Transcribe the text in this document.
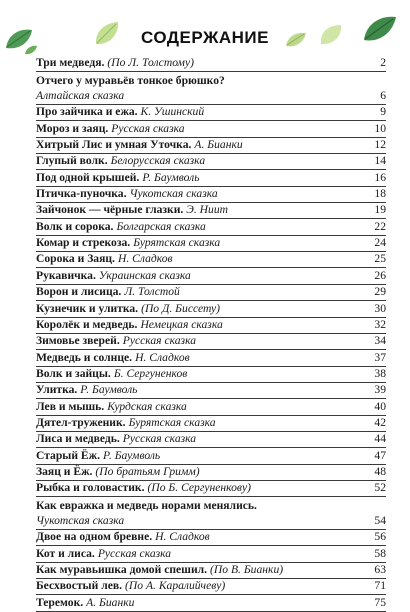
СОДЕРЖАНИЕ
Три медведя. (По Л. Толстому)	2
Отчего у муравьёв тонкое брюшко?
Алтайская сказка	6
Про зайчика и ежа. К. Ушинский	9
Мороз и заяц. Русская сказка	10
Хитрый Лис и умная Уточка. А. Бианки	12
Глупый волк. Белорусская сказка	14
Под одной крышей. Р. Баумволь	16
Птичка-пуночка. Чукотская сказка	18
Зайчонок — чёрные глазки. Э. Ниит	19
Волк и сорока. Болгарская сказка	22
Комар и стрекоза. Бурятская сказка	24
Сорока и Заяц. Н. Сладков	25
Рукавичка. Украинская сказка	26
Ворон и лисица. Л. Толстой	29
Кузнечик и улитка. (По Д. Биссету)	30
Королёк и медведь. Немецкая сказка	32
Зимовье зверей. Русская сказка	34
Медведь и солнце. Н. Сладков	37
Волк и зайцы. Б. Сергуненков	38
Улитка. Р. Баумволь	39
Лев и мышь. Курдская сказка	40
Дятел-труженик. Бурятская сказка	42
Лиса и медведь. Русская сказка	44
Старый Ёж. Р. Баумволь	47
Заяц и Ёж. (По братьям Гримм)	48
Рыбка и головастик. (По Б. Сергуненкову)	52
Как евражка и медведь норами менялись.
Чукотская сказка	54
Двое на одном бревне. Н. Сладков	56
Кот и лиса. Русская сказка	58
Как муравьишка домой спешил. (По В. Бианки)	63
Бесхвостый лев. (По А. Каралийчеву)	71
Теремок. А. Бианки	75
